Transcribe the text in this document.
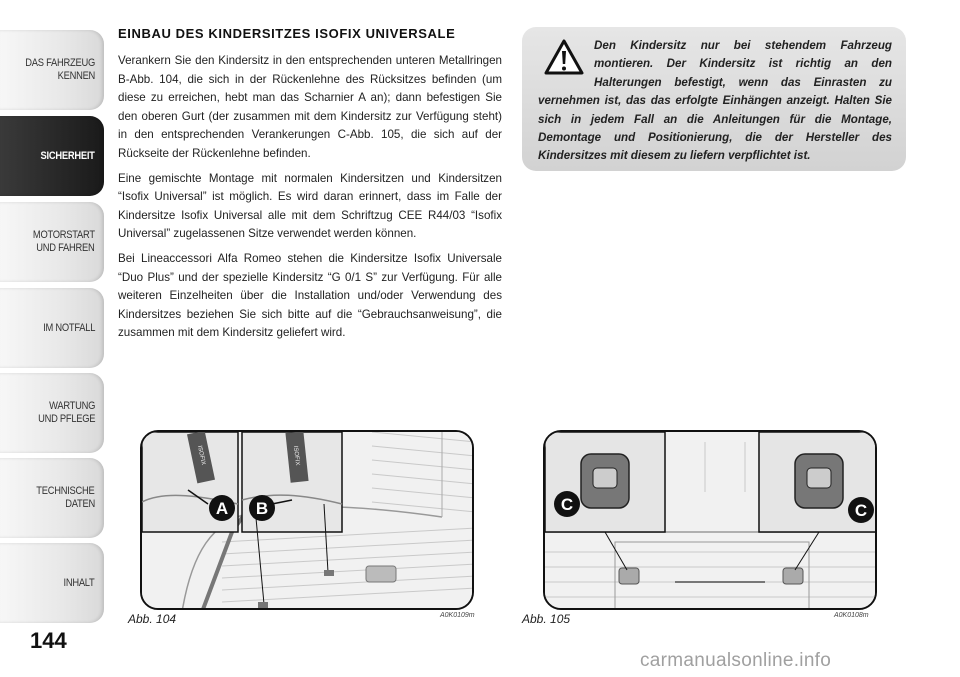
DAS FAHRZEUG
KENNEN
SICHERHEIT
MOTORSTART
UND FAHREN
IM NOTFALL
WARTUNG
UND PFLEGE
TECHNISCHE
DATEN
INHALT
144
EINBAU DES KINDERSITZES ISOFIX UNIVERSALE

Verankern Sie den Kindersitz in den entsprechenden unteren Metallringen B-Abb. 104, die sich in der Rückenlehne des Rücksitzes befinden (um diese zu erreichen, hebt man das Scharnier A an); dann befestigen Sie den oberen Gurt (der zusammen mit dem Kindersitz zur Verfügung steht) in den entsprechenden Verankerungen C-Abb. 105, die sich auf der Rückseite der Rückenlehne befinden.

Eine gemischte Montage mit normalen Kindersitzen und Kindersitzen “Isofix Universal” ist möglich. Es wird daran erinnert, dass im Falle der Kindersitze Isofix Universal alle mit dem Schriftzug CEE R44/03 “Isofix Universal” zugelassenen Sitze verwendet werden können.

Bei Lineaccessori Alfa Romeo stehen die Kindersitze Isofix Universale “Duo Plus” und der spezielle Kindersitz “G 0/1 S” zur Verfügung. Für alle weiteren Einzelheiten über die Installation und/oder Verwendung des Kindersitzes beziehen Sie sich bitte auf die “Gebrauchsanweisung”, die zusammen mit dem Kindersitz geliefert wird.

Den Kindersitz nur bei stehendem Fahrzeug montieren. Der Kindersitz ist richtig an den Halterungen befestigt, wenn das Einrasten zu vernehmen ist, das das erfolgte Einhängen anzeigt. Halten Sie sich in jedem Fall an die Anleitungen für die Montage, Demontage und Positionierung, die der Hersteller des Kindersitzes mit diesem zu liefern verpflichtet ist.
ISOFIX	ISOFIX
A B
Abb. 104	A0K0109m
C	C
Abb. 105	A0K0108m
carmanualsonline.info
